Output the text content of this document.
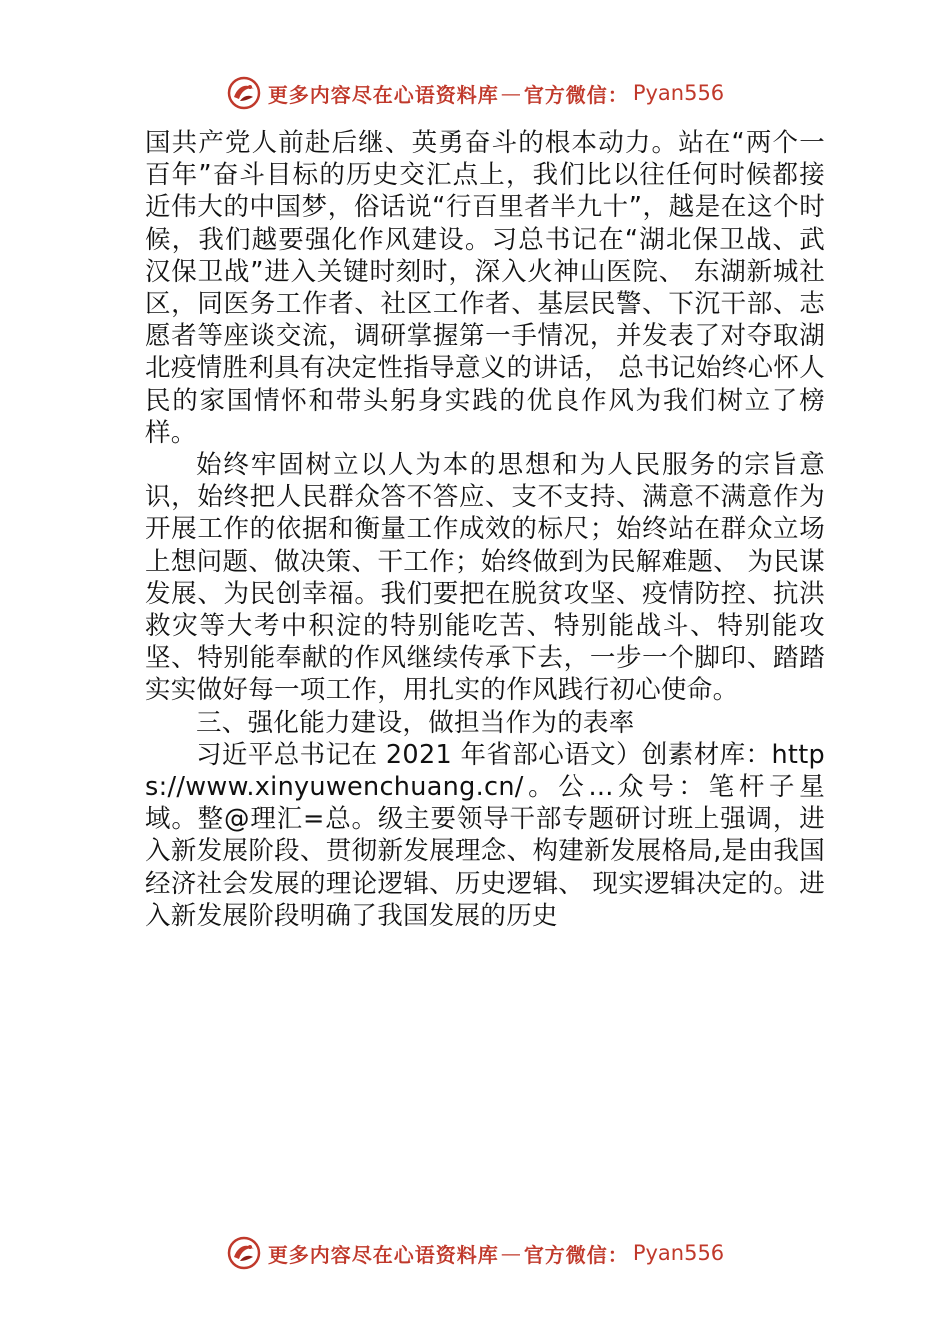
更多内容尽在心语资料库 — 官方微信： Pyan556

国共产党人前赴后继、英勇奋斗的根本动力。站在“两个一百年”奋斗目标的历史交汇点上，我们比以往任何时候都接近伟大的中国梦，俗话说“行百里者半九十”，越是在这个时候，我们越要强化作风建设。习总书记在“湖北保卫战、武汉保卫战”进入关键时刻时，深入火神山医院、 东湖新城社区，同医务工作者、社区工作者、基层民警、下沉干部、志愿者等座谈交流，调研掌握第一手情况，并发表了对夺取湖北疫情胜利具有决定性指导意义的讲话， 总书记始终心怀人民的家国情怀和带头躬身实践的优良作风为我们树立了榜样。

始终牢固树立以人为本的思想和为人民服务的宗旨意识，始终把人民群众答不答应、支不支持、满意不满意作为开展工作的依据和衡量工作成效的标尺；始终站在群众立场上想问题、做决策、干工作；始终做到为民解难题、 为民谋发展、为民创幸福。我们要把在脱贫攻坚、疫情防控、抗洪救灾等大考中积淀的特别能吃苦、特别能战斗、特别能攻坚、特别能奉献的作风继续传承下去，一步一个脚印、踏踏实实做好每一项工作，用扎实的作风践行初心使命。

三、强化能力建设，做担当作为的表率

习近平总书记在 2021 年省部心语文）创素材库：https://www.xinyuwenchuang.cn/。公...众号：笔杆子星域。整@理汇=总。级主要领导干部专题研讨班上强调，进入新发展阶段、贯彻新发展理念、构建新发展格局,是由我国经济社会发展的理论逻辑、历史逻辑、 现实逻辑决定的。进入新发展阶段明确了我国发展的历史

更多内容尽在心语资料库 — 官方微信： Pyan556
